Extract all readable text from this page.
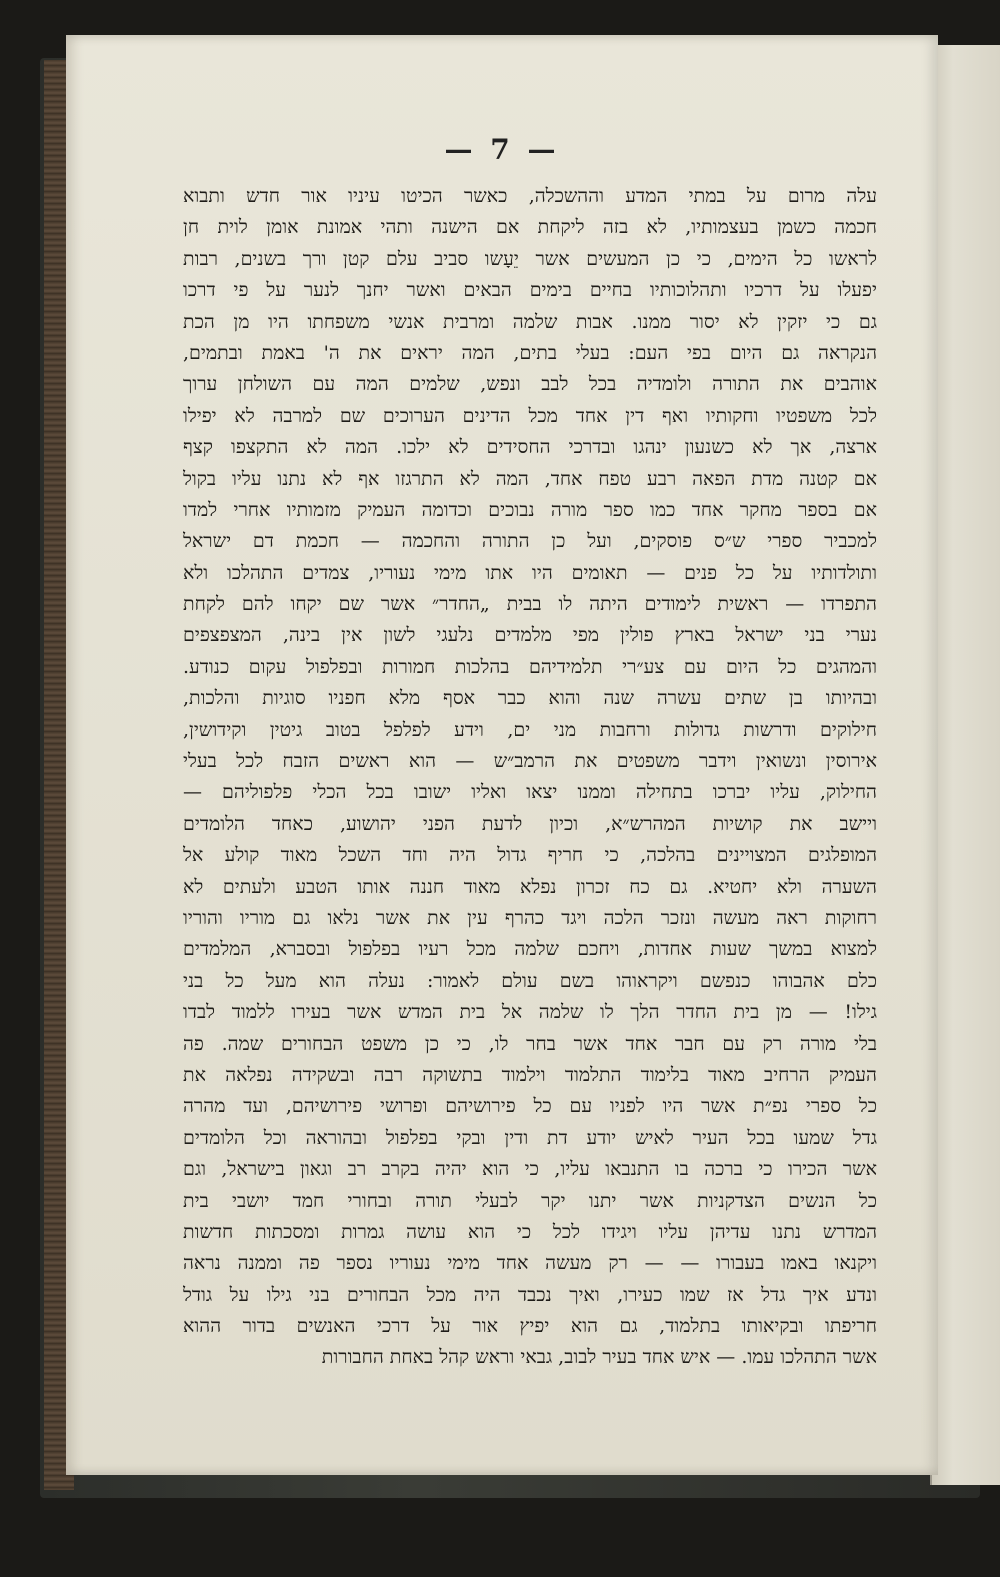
— 7 —
עלה מרום על במתי המדע וההשכלה, כאשר הכיטו עיניו אור חדש ותבוא
חכמה כשמן בעצמותיו, לא בזה ליקחת אם הישנה ותהי אמונת אומן לוית חן
לראשו כל הימים, כי כן המעשים אשר יֵעָשו סביב עלם קטן ורך בשנים, רבות
יפעלו על דרכיו ותהלוכותיו בחיים בימים הבאים ואשר יחנך לנער על פי דרכו
גם כי יזקין לא יסור ממנו. אבות שלמה ומרבית אנשי משפחתו היו מן הכת
הנקראה גם היום בפי העם: בעלי בתים, המה יראים את ה' באמת ובתמים,
אוהבים את התורה ולומדיה בכל לבב ונפש, שלמים המה עם השולחן ערוך
לכל משפטיו וחקותיו ואף דין אחד מכל הדינים הערוכים שם למרבה לא יפילו
ארצה, אך לא כשנעון ינהגו ובדרכי החסידים לא ילכו. המה לא התקצפו קצף
אם קטנה מדת הפאה רבע טפח אחד, המה לא התרגזו אף לא נתנו עליו בקול
אם בספר מחקר אחד כמו ספר מורה נבוכים וכדומה העמיק מזמותיו אחרי למדו
למכביר ספרי ש״ס פוסקים, ועל כן התורה והחכמה — חכמת דם ישראל
ותולדותיו על כל פנים — תאומים היו אתו מימי נעוריו, צמדים התהלכו ולא
התפרדו — ראשית לימודים היתה לו בבית „החדר״ אשר שם יקחו להם לקחת
נערי בני ישראל בארץ פולין מפי מלמדים נלעגי לשון אין בינה, המצפצפים
והמהגים כל היום עם צע״רי תלמידיהם בהלכות חמורות ובפלפול עקום כנודע.
ובהיותו בן שתים עשרה שנה והוא כבר אסף מלא חפניו סוגיות והלכות,
חילוקים ודרשות גדולות ורחבות מני ים, וידע לפלפל בטוב גיטין וקידושין,
אירוסין ונשואין וידבר משפטים את הרמב״ש — הוא ראשים הזבח לכל בעלי
החילוק, עליו יברכו בתחילה וממנו יצאו ואליו ישובו בכל הכלי פלפוליהם —
ויישב את קושיות המהרש״א, וכיון לדעת הפני יהושוע, כאחד הלומדים
המופלגים המצויינים בהלכה, כי חריף גדול היה וחד השכל מאוד קולע אל
השערה ולא יחטיא. גם כח זכרון נפלא מאוד חננה אותו הטבע ולעתים לא
רחוקות ראה מעשה ונזכר הלכה ויגד כהרף עין את אשר נלאו גם מוריו והוריו
למצוא במשך שעות אחדות, ויחכם שלמה מכל רעיו בפלפול ובסברא, המלמדים
כלם אהבוהו כנפשם ויקראוהו בשם עולם לאמור: נעלה הוא מעל כל בני
גילו! — מן בית החדר הלך לו שלמה אל בית המדש אשר בעירו ללמוד לבדו
בלי מורה רק עם חבר אחד אשר בחר לו, כי כן משפט הבחורים שמה. פה
העמיק הרחיב מאוד בלימוד התלמוד וילמוד בתשוקה רבה ובשקידה נפלאה את
כל ספרי נפ״ת אשר היו לפניו עם כל פירושיהם ופרושי פירושיהם, ועד מהרה
גדל שמעו בכל העיר לאיש יודע דת ודין ובקי בפלפול ובהוראה וכל הלומדים
אשר הכירו כי ברכה בו התנבאו עליו, כי הוא יהיה בקרב רב וגאון בישראל, וגם
כל הנשים הצדקניות אשר יתנו יקר לבעלי תורה ובחורי חמד יושבי בית
המדרש נתנו עדיהן עליו ויגידו לכל כי הוא עושה גמרות ומסכתות חדשות
ויקנאו באמו בעבורו — — רק מעשה אחד מימי נעוריו נספר פה וממנה נראה
ונדע איך גדל אז שמו כעירו, ואיך נכבד היה מכל הבחורים בני גילו על גודל
חריפתו ובקיאותו בתלמוד, גם הוא יפיץ אור על דרכי האנשים בדור ההוא
אשר התהלכו עמו. — איש אחד בעיר לבוב, גבאי וראש קהל באחת החבורות
